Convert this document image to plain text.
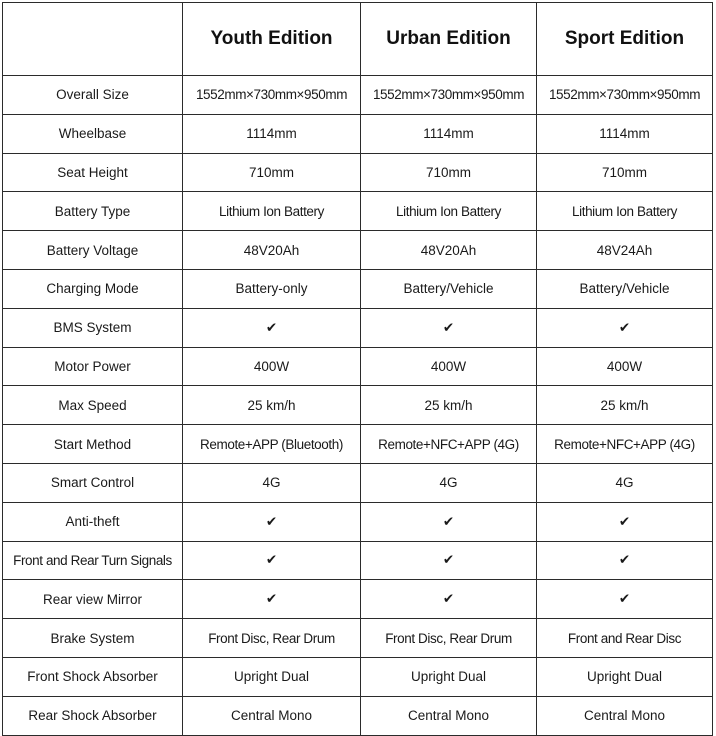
	Youth Edition	Urban Edition	Sport Edition
Overall Size	1552mm×730mm×950mm	1552mm×730mm×950mm	1552mm×730mm×950mm
Wheelbase	1114mm	1114mm	1114mm
Seat Height	710mm	710mm	710mm
Battery Type	Lithium Ion Battery	Lithium Ion Battery	Lithium Ion Battery
Battery Voltage	48V20Ah	48V20Ah	48V24Ah
Charging Mode	Battery-only	Battery/Vehicle	Battery/Vehicle
BMS System	✔	✔	✔
Motor Power	400W	400W	400W
Max Speed	25 km/h	25 km/h	25 km/h
Start Method	Remote+APP (Bluetooth)	Remote+NFC+APP (4G)	Remote+NFC+APP (4G)
Smart Control	4G	4G	4G
Anti-theft	✔	✔	✔
Front and Rear Turn Signals	✔	✔	✔
Rear view Mirror	✔	✔	✔
Brake System	Front Disc, Rear Drum	Front Disc, Rear Drum	Front and Rear Disc
Front Shock Absorber	Upright Dual	Upright Dual	Upright Dual
Rear Shock Absorber	Central Mono	Central Mono	Central Mono
